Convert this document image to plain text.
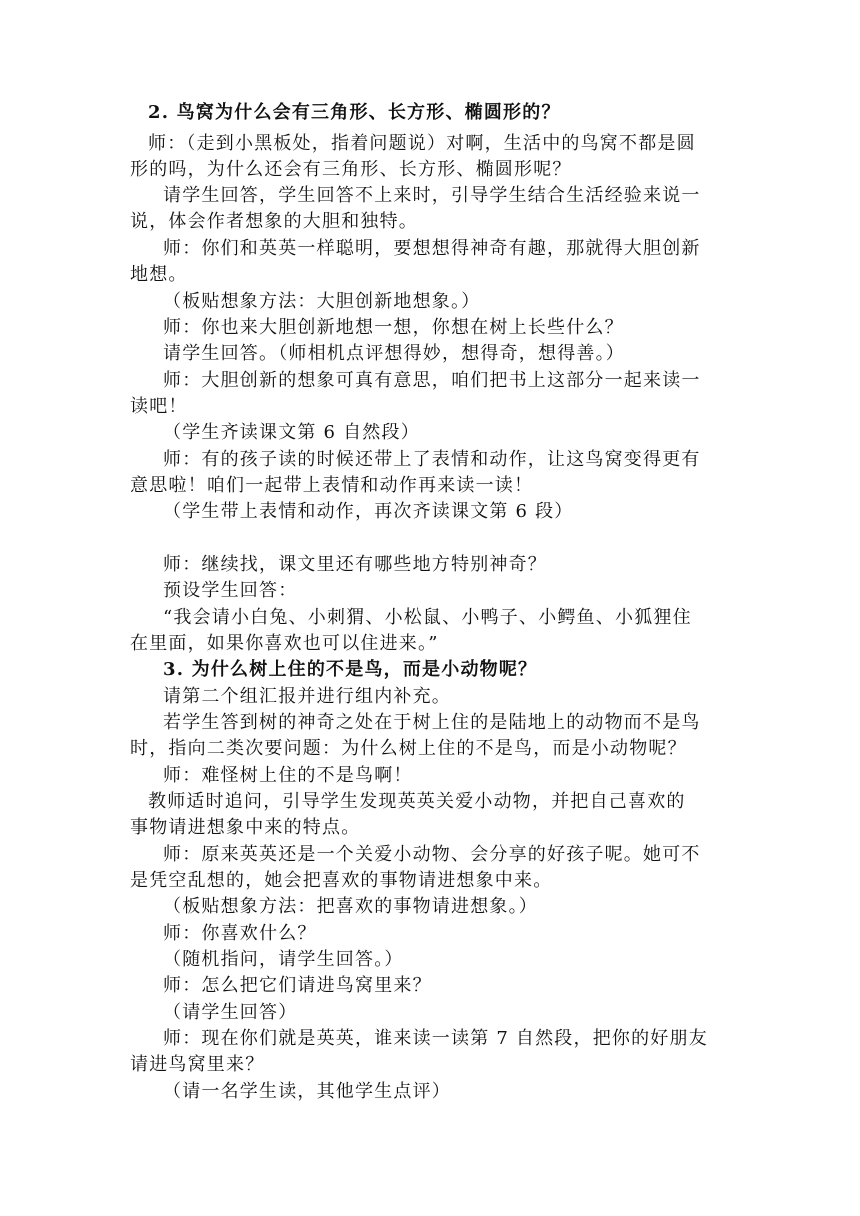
2. 鸟窝为什么会有三角形、长方形、椭圆形的？
师：（走到小黑板处，指着问题说）对啊，生活中的鸟窝不都是圆
形的吗，为什么还会有三角形、长方形、椭圆形呢？
请学生回答，学生回答不上来时，引导学生结合生活经验来说一
说，体会作者想象的大胆和独特。
师：你们和英英一样聪明，要想想得神奇有趣，那就得大胆创新
地想。
（板贴想象方法：大胆创新地想象。）
师：你也来大胆创新地想一想，你想在树上长些什么？
请学生回答。（师相机点评想得妙，想得奇，想得善。）
师：大胆创新的想象可真有意思，咱们把书上这部分一起来读一
读吧！
（学生齐读课文第 6 自然段）
师：有的孩子读的时候还带上了表情和动作，让这鸟窝变得更有
意思啦！咱们一起带上表情和动作再来读一读！
（学生带上表情和动作，再次齐读课文第 6 段）
师：继续找，课文里还有哪些地方特别神奇？
预设学生回答：
“我会请小白兔、小刺猬、小松鼠、小鸭子、小鳄鱼、小狐狸住
在里面，如果你喜欢也可以住进来。”
3. 为什么树上住的不是鸟，而是小动物呢？
请第二个组汇报并进行组内补充。
若学生答到树的神奇之处在于树上住的是陆地上的动物而不是鸟
时，指向二类次要问题：为什么树上住的不是鸟，而是小动物呢？
师：难怪树上住的不是鸟啊！
教师适时追问，引导学生发现英英关爱小动物，并把自己喜欢的
事物请进想象中来的特点。
师：原来英英还是一个关爱小动物、会分享的好孩子呢。她可不
是凭空乱想的，她会把喜欢的事物请进想象中来。
（板贴想象方法：把喜欢的事物请进想象。）
师：你喜欢什么？
（随机指问，请学生回答。）
师：怎么把它们请进鸟窝里来？
（请学生回答）
师：现在你们就是英英，谁来读一读第 7 自然段，把你的好朋友
请进鸟窝里来？
（请一名学生读，其他学生点评）
